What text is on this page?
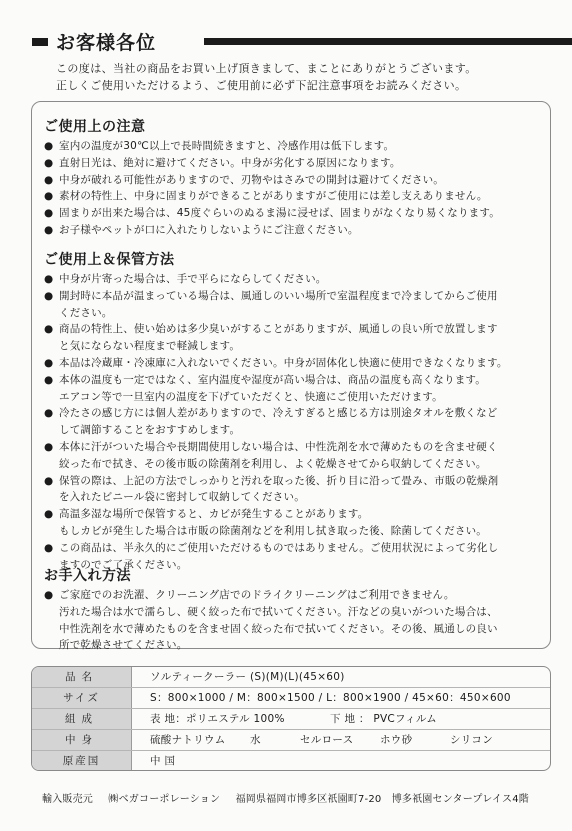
お客様各位
この度は、当社の商品をお買い上げ頂きまして、まことにありがとうございます。
正しくご使用いただけるよう、ご使用前に必ず下記注意事項をお読みください。
ご使用上の注意
● 室内の温度が30℃以上で長時間続きますと、冷感作用は低下します。
● 直射日光は、絶対に避けてください。中身が劣化する原因になります。
● 中身が破れる可能性がありますので、刃物やはさみでの開封は避けてください。
● 素材の特性上、中身に固まりができることがありますがご使用には差し支えありません。
● 固まりが出来た場合は、45度ぐらいのぬるま湯に浸せば、固まりがなくなり易くなります。
● お子様やペットが口に入れたりしないようにご注意ください。
ご使用上＆保管方法
● 中身が片寄った場合は、手で平らにならしてください。
● 開封時に本品が温まっている場合は、風通しのいい場所で室温程度まで冷ましてからご使用
ください。
● 商品の特性上、使い始めは多少臭いがすることがありますが、風通しの良い所で放置します
と気にならない程度まで軽減します。
● 本品は冷蔵庫・冷凍庫に入れないでください。中身が固体化し快適に使用できなくなります。
● 本体の温度も一定ではなく、室内温度や湿度が高い場合は、商品の温度も高くなります。
エアコン等で一旦室内の温度を下げていただくと、快適にご使用いただけます。
● 冷たさの感じ方には個人差がありますので、冷えすぎると感じる方は別途タオルを敷くなど
して調節することをおすすめします。
● 本体に汗がついた場合や長期間使用しない場合は、中性洗剤を水で薄めたものを含ませ硬く
絞った布で拭き、その後市販の除菌剤を利用し、よく乾燥させてから収納してください。
● 保管の際は、上記の方法でしっかりと汚れを取った後、折り目に沿って畳み、市販の乾燥剤
を入れたビニール袋に密封して収納してください。
● 高温多湿な場所で保管すると、カビが発生することがあります。
もしカビが発生した場合は市販の除菌剤などを利用し拭き取った後、除菌してください。
● この商品は、半永久的にご使用いただけるものではありません。ご使用状況によって劣化し
ますのでご了承ください。
お手入れ方法
● ご家庭でのお洗濯、クリーニング店でのドライクリーニングはご利用できません。
汚れた場合は水で濡らし、硬く絞った布で拭いてください。汗などの臭いがついた場合は、
中性洗剤を水で薄めたものを含ませ固く絞った布で拭いてください。その後、風通しの良い
所で乾燥させてください。
品名	ソルティークーラー (S)(M)(L)(45×60)
サイズ	S：800×1000 / M：800×1500 / L：800×1900 / 45×60：450×600
組成	表 地：ポリエステル 100%	下 地 ： PVCフィルム
中身	硫酸ナトリウム 水	セルロース	ホウ砂	シリコン
原産国	中 国
輸入販売元 ㈱ベガコーポレーション 福岡県福岡市博多区祇園町7-20　博多祇園センタープレイス4階
